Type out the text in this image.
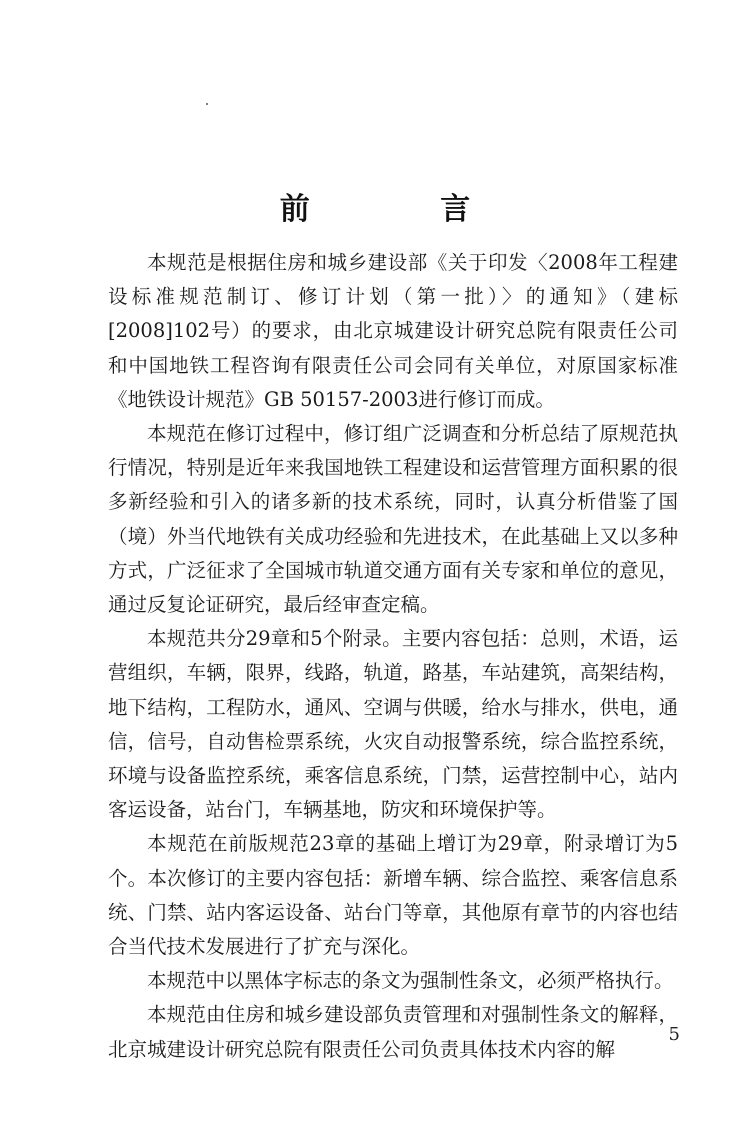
前 言

本规范是根据住房和城乡建设部《关于印发〈2008年工程建设标准规范制订、修订计划（第一批）〉的通知》（建标[2008]102号）的要求，由北京城建设计研究总院有限责任公司和中国地铁工程咨询有限责任公司会同有关单位，对原国家标准《地铁设计规范》GB 50157-2003进行修订而成。

本规范在修订过程中，修订组广泛调查和分析总结了原规范执行情况，特别是近年来我国地铁工程建设和运营管理方面积累的很多新经验和引入的诸多新的技术系统，同时，认真分析借鉴了国（境）外当代地铁有关成功经验和先进技术，在此基础上又以多种方式，广泛征求了全国城市轨道交通方面有关专家和单位的意见，通过反复论证研究，最后经审查定稿。

本规范共分29章和5个附录。主要内容包括：总则，术语，运营组织，车辆，限界，线路，轨道，路基，车站建筑，高架结构，地下结构，工程防水，通风、空调与供暖，给水与排水，供电，通信，信号，自动售检票系统，火灾自动报警系统，综合监控系统，环境与设备监控系统，乘客信息系统，门禁，运营控制中心，站内客运设备，站台门，车辆基地，防灾和环境保护等。

本规范在前版规范23章的基础上增订为29章，附录增订为5个。本次修订的主要内容包括：新增车辆、综合监控、乘客信息系统、门禁、站内客运设备、站台门等章，其他原有章节的内容也结合当代技术发展进行了扩充与深化。

本规范中以黑体字标志的条文为强制性条文，必须严格执行。

本规范由住房和城乡建设部负责管理和对强制性条文的解释，北京城建设计研究总院有限责任公司负责具体技术内容的解

5
